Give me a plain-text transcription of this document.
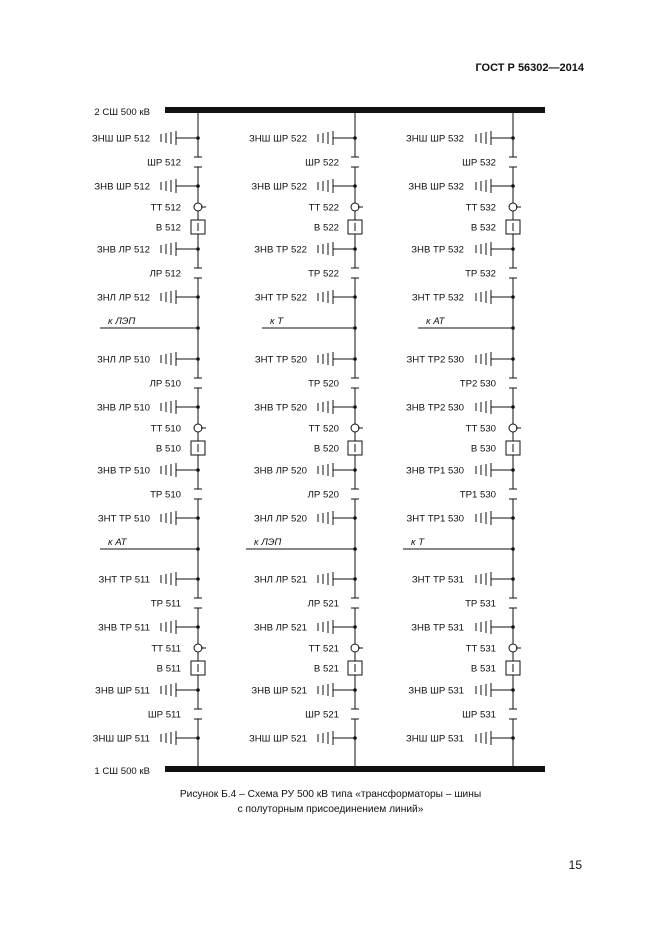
ГОСТ Р 56302—2014
2 СШ 500 кВ
1 СШ 500 кВ
ЗНШ ШР 512
ШР 512
ЗНВ ШР 512
ТТ 512
В 512
ЗНВ ЛР 512
ЛР 512
ЗНЛ ЛР 512
ЗНЛ ЛР 510
ЛР 510
ЗНВ ЛР 510
ТТ 510
В 510
ЗНВ ТР 510
ТР 510
ЗНТ ТР 510
ЗНТ ТР 511
ТР 511
ЗНВ ТР 511
ТТ 511
В 511
ЗНВ ШР 511
ШР 511
ЗНШ ШР 511
к ЛЭП
к АТ
ЗНШ ШР 522
ШР 522
ЗНВ ШР 522
ТТ 522
В 522
ЗНВ ТР 522
ТР 522
ЗНТ ТР 522
ЗНТ ТР 520
ТР 520
ЗНВ ТР 520
ТТ 520
В 520
ЗНВ ЛР 520
ЛР 520
ЗНЛ ЛР 520
ЗНЛ ЛР 521
ЛР 521
ЗНВ ЛР 521
ТТ 521
В 521
ЗНВ ШР 521
ШР 521
ЗНШ ШР 521
к Т
к ЛЭП
ЗНШ ШР 532
ШР 532
ЗНВ ШР 532
ТТ 532
В 532
ЗНВ ТР 532
ТР 532
ЗНТ ТР 532
ЗНТ ТР2 530
ТР2 530
ЗНВ ТР2 530
ТТ 530
В 530
ЗНВ ТР1 530
ТР1 530
ЗНТ ТР1 530
ЗНТ ТР 531
ТР 531
ЗНВ ТР 531
ТТ 531
В 531
ЗНВ ШР 531
ШР 531
ЗНШ ШР 531
к АТ
к Т
Рисунок Б.4 – Схема РУ 500 кВ типа «трансформаторы – шины
с полуторным присоединением линий»
15
